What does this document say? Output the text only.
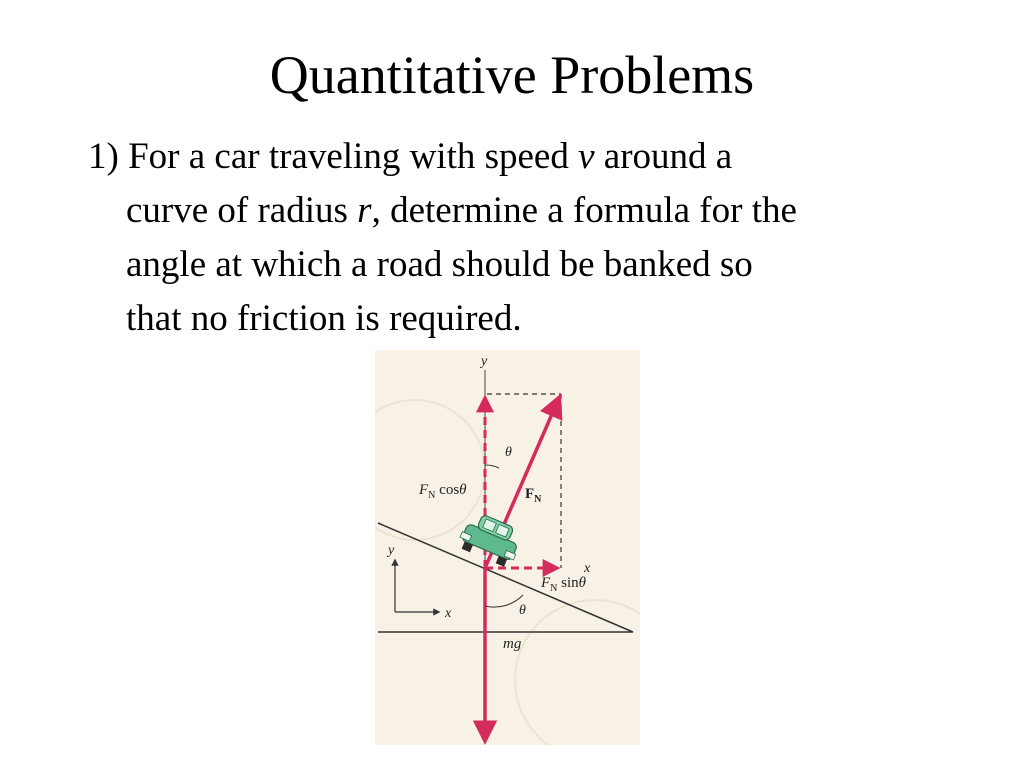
Quantitative Problems
1) For a car traveling with speed v around a
curve of radius r, determine a formula for the
angle at which a road should be banked so
that no friction is required.
y
θ
$F_N$ cosθ	$F_N$
x
$F_N$ sinθ
θ
mg
y
x
